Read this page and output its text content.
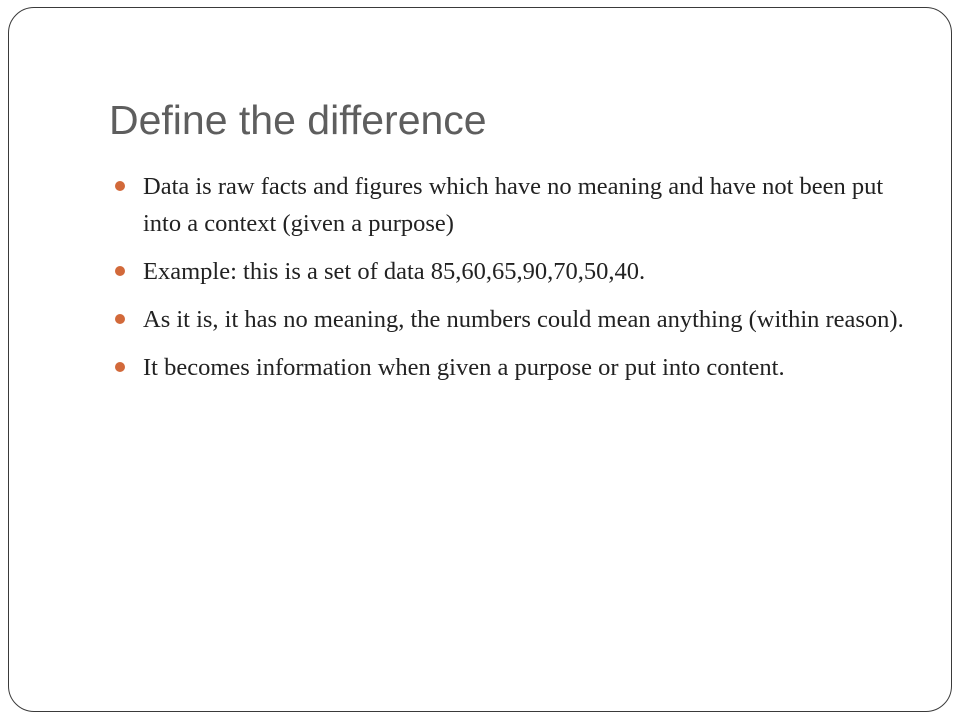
Define the difference
Data is raw facts and figures which have no meaning and have not been put into a context (given a purpose)
Example: this is a set of data 85,60,65,90,70,50,40.
As it is, it has no meaning, the numbers could mean anything (within reason).
It becomes information when given a purpose or put into content.
